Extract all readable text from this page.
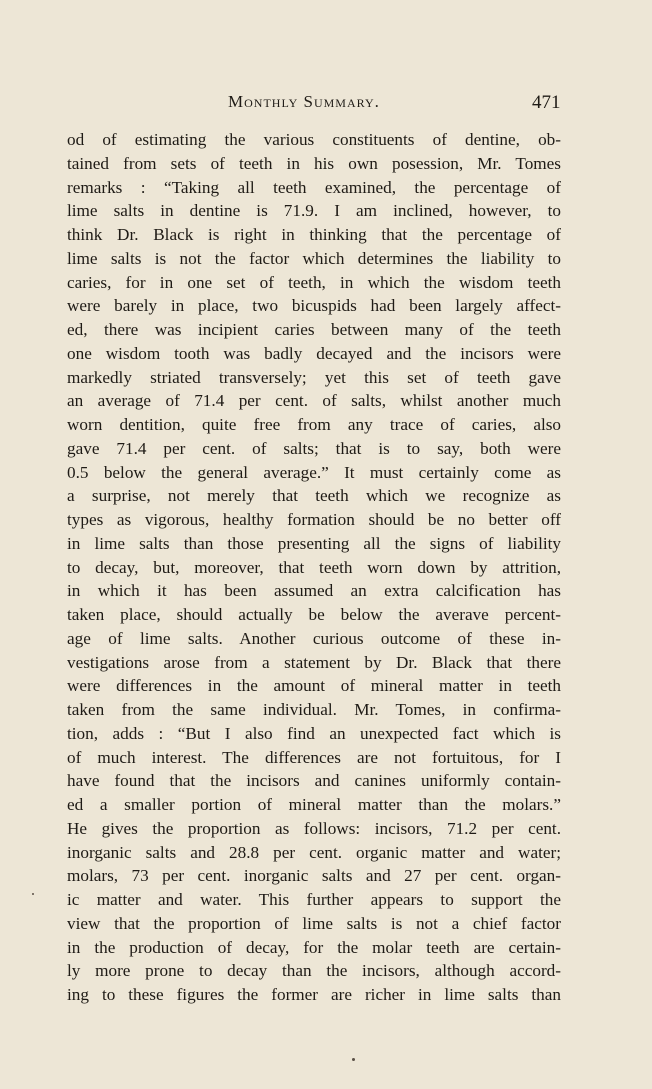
Monthly Summary.	471
od of estimating the various constituents of dentine, ob-
tained from sets of teeth in his own posession, Mr. Tomes
remarks : “Taking all teeth examined, the percentage of
lime salts in dentine is 71.9. I am inclined, however, to
think Dr. Black is right in thinking that the percentage of
lime salts is not the factor which determines the liability to
caries, for in one set of teeth, in which the wisdom teeth
were barely in place, two bicuspids had been largely affect-
ed, there was incipient caries between many of the teeth
one wisdom tooth was badly decayed and the incisors were
markedly striated transversely; yet this set of teeth gave
an average of 71.4 per cent. of salts, whilst another much
worn dentition, quite free from any trace of caries, also
gave 71.4 per cent. of salts; that is to say, both were
0.5 below the general average.” It must certainly come as
a surprise, not merely that teeth which we recognize as
types as vigorous, healthy formation should be no better off
in lime salts than those presenting all the signs of liability
to decay, but, moreover, that teeth worn down by attrition,
in which it has been assumed an extra calcification has
taken place, should actually be below the averave percent-
age of lime salts. Another curious outcome of these in-
vestigations arose from a statement by Dr. Black that there
were differences in the amount of mineral matter in teeth
taken from the same individual. Mr. Tomes, in confirma-
tion, adds : “But I also find an unexpected fact which is
of much interest. The differences are not fortuitous, for I
have found that the incisors and canines uniformly contain-
ed a smaller portion of mineral matter than the molars.”
He gives the proportion as follows: incisors, 71.2 per cent.
inorganic salts and 28.8 per cent. organic matter and water;
molars, 73 per cent. inorganic salts and 27 per cent. organ-
ic matter and water. This further appears to support the
view that the proportion of lime salts is not a chief factor
in the production of decay, for the molar teeth are certain-
ly more prone to decay than the incisors, although accord-
ing to these figures the former are richer in lime salts than
